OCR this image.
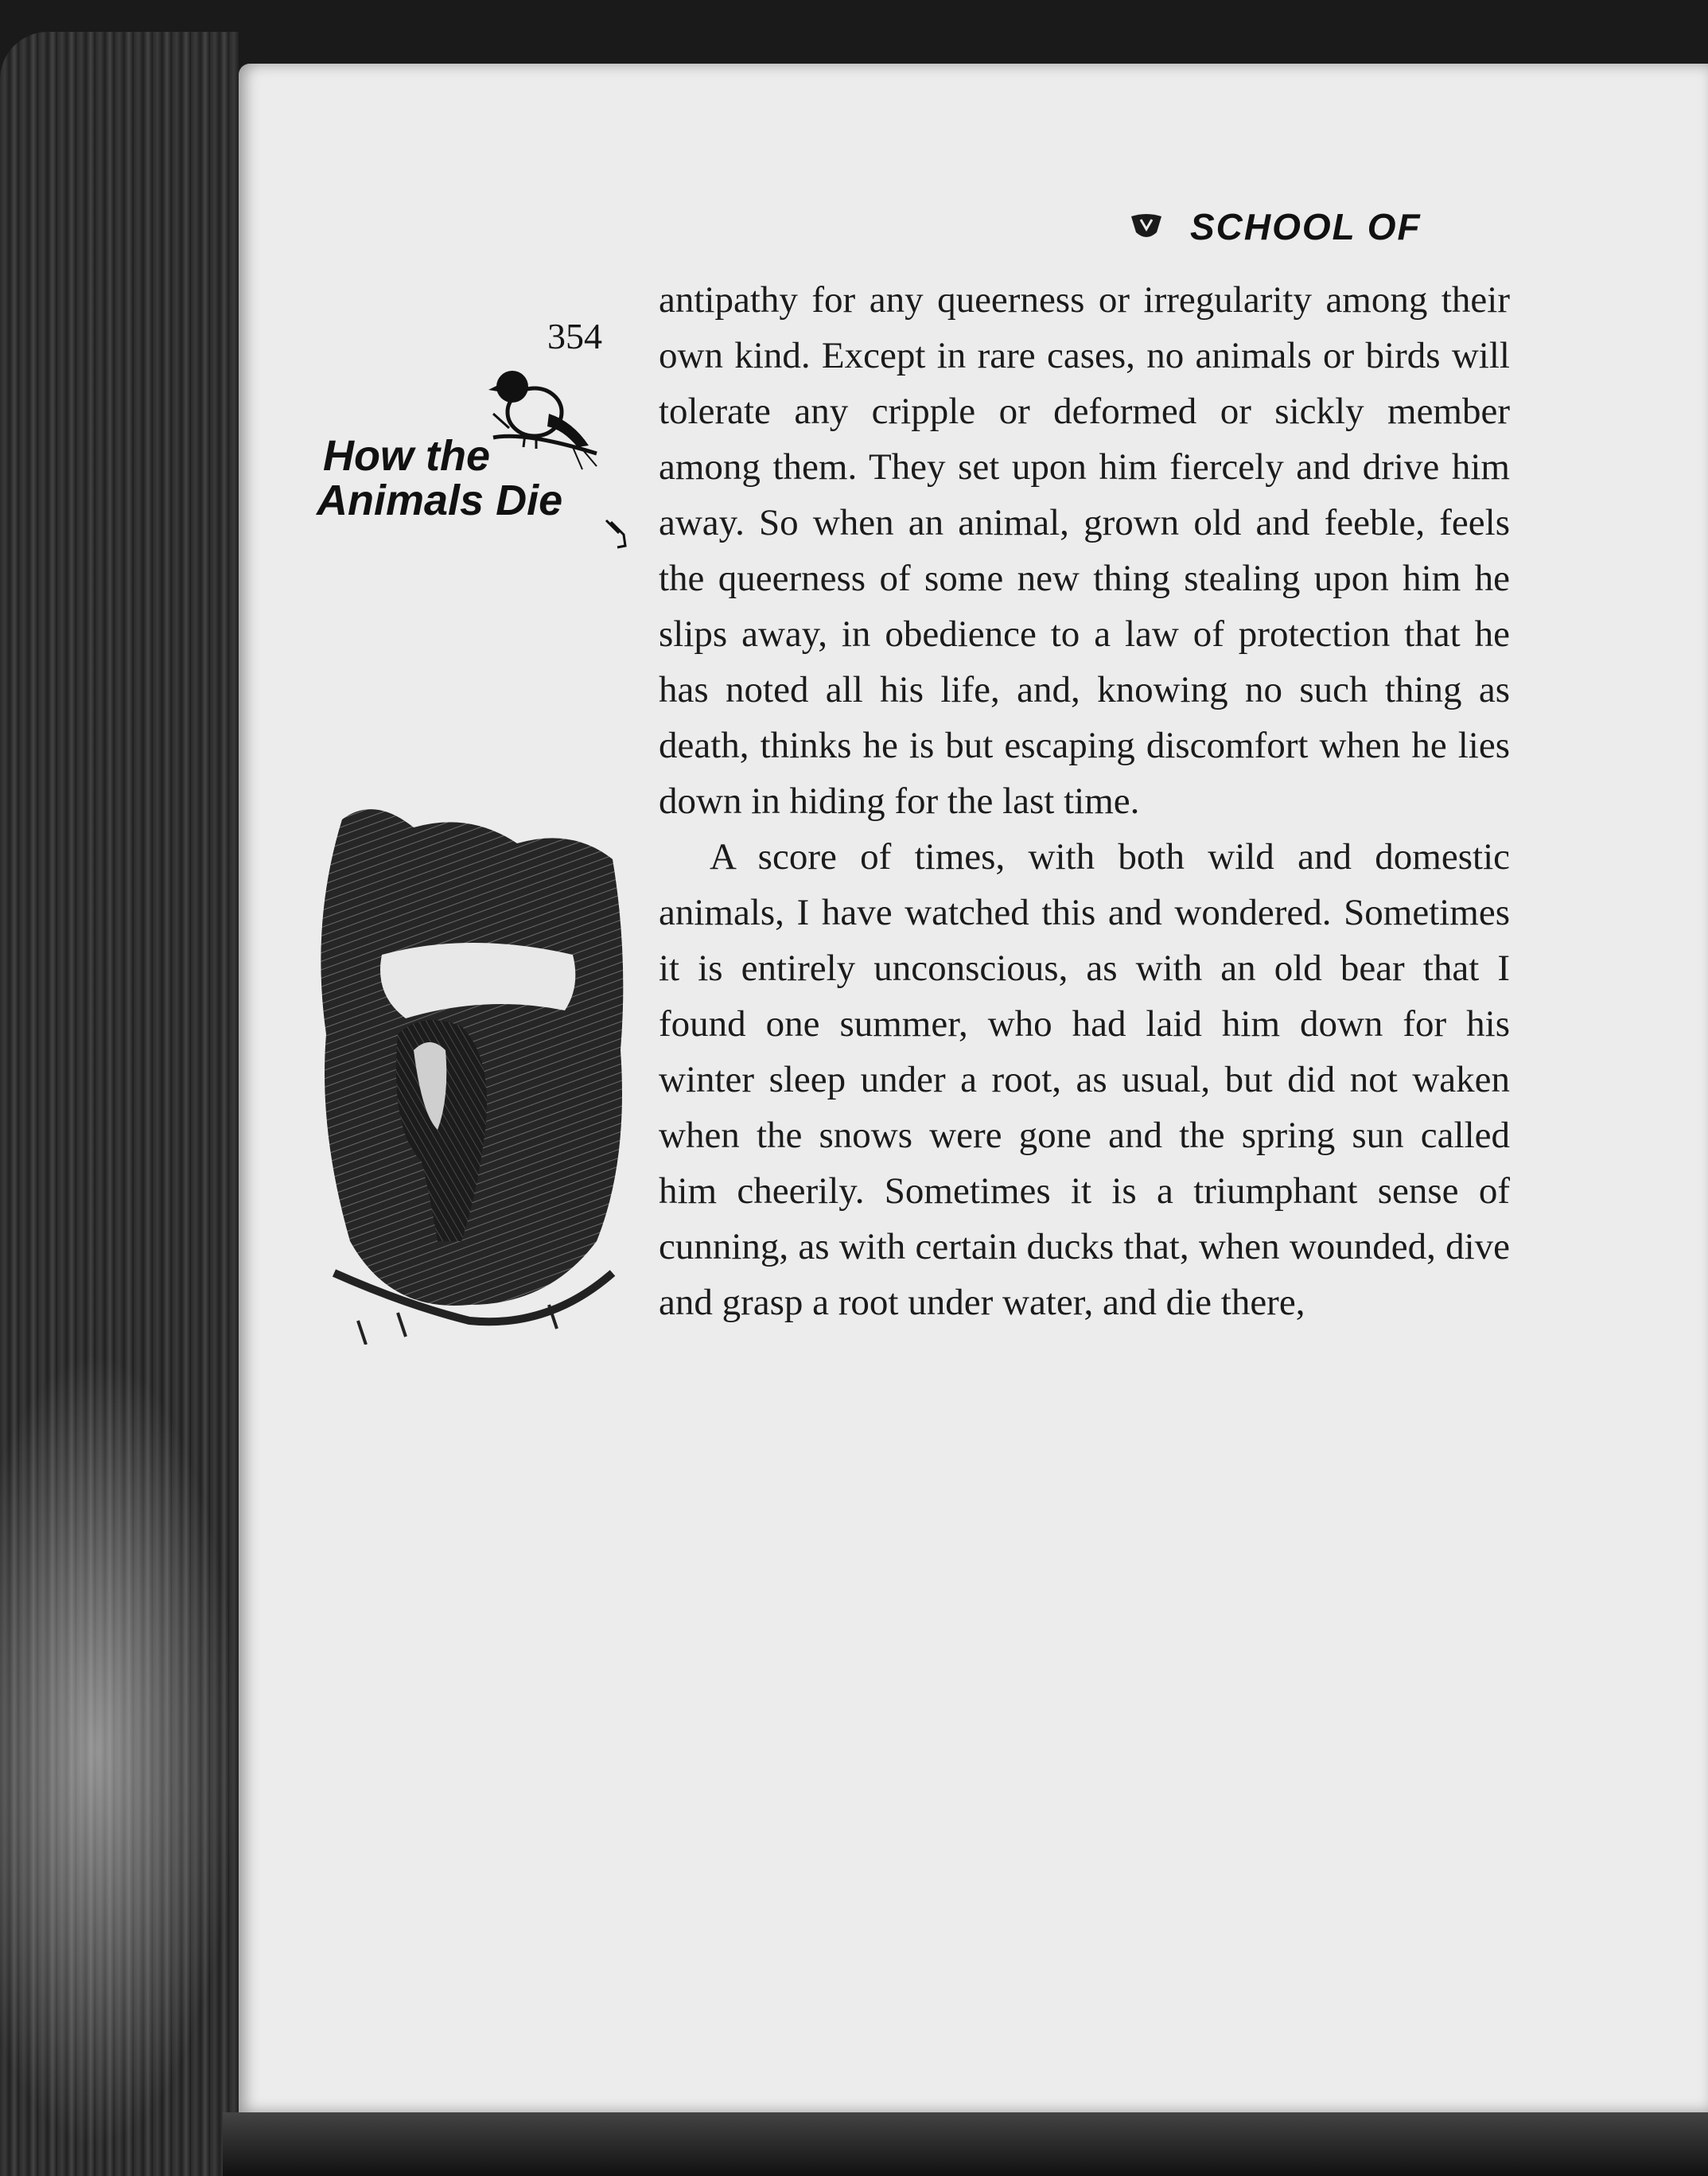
SCHOOL OF
354
How the
Animals Die

antipathy for any queerness or irregularity among their own kind. Except in rare cases, no animals or birds will tolerate any cripple or deformed or sickly member among them. They set upon him fiercely and drive him away. So when an animal, grown old and feeble, feels the queerness of some new thing stealing upon him he slips away, in obedience to a law of protection that he has noted all his life, and, knowing no such thing as death, thinks he is but escaping discomfort when he lies down in hiding for the last time.

A score of times, with both wild and domestic animals, I have watched this and wondered. Sometimes it is entirely unconscious, as with an old bear that I found one summer, who had laid him down for his winter sleep under a root, as usual, but did not waken when the snows were gone and the spring sun called him cheerily. Sometimes it is a triumphant sense of cunning, as with certain ducks that, when wounded, dive and grasp a root under water, and die there,
